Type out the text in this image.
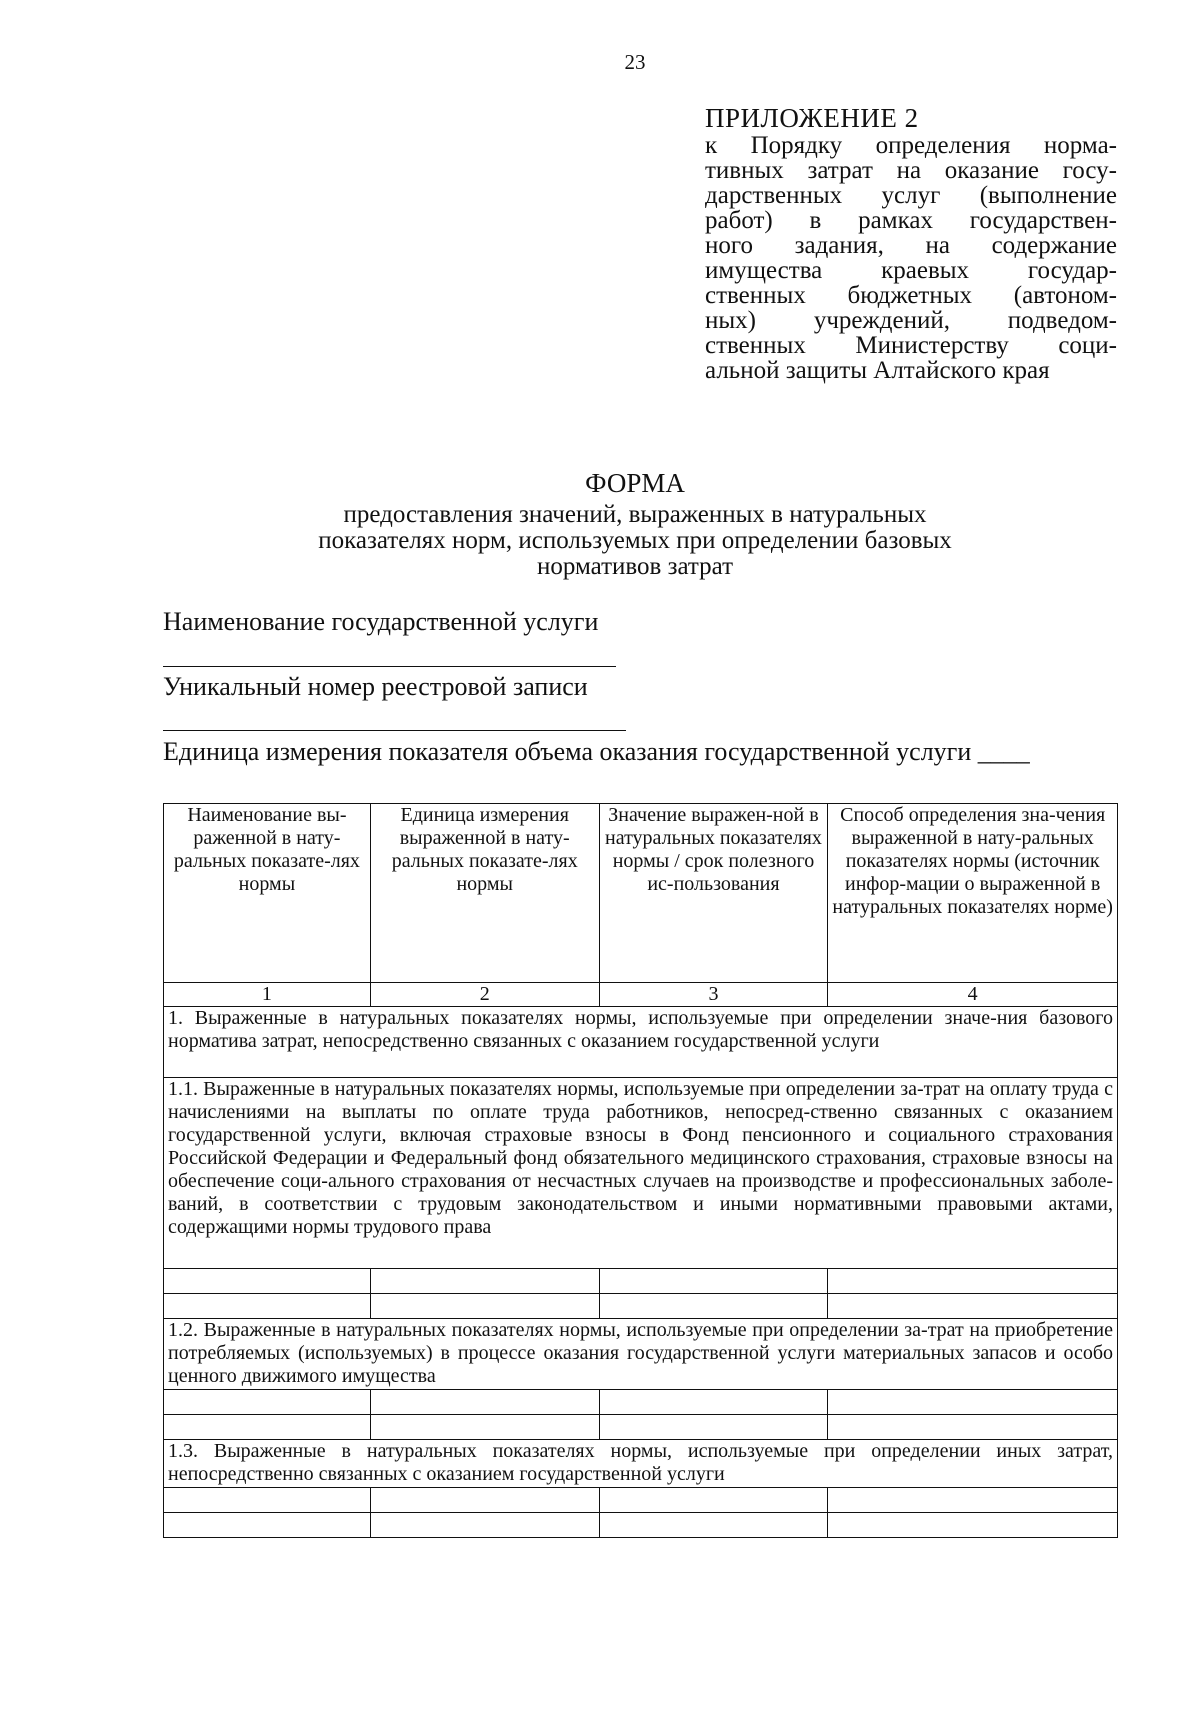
23
ПРИЛОЖЕНИЕ 2
к Порядку определения норма-
тивных затрат на оказание госу-
дарственных услуг (выполнение
работ) в рамках государствен-
ного задания, на содержание
имущества краевых государ-
ственных бюджетных (автоном-
ных) учреждений, подведом-
ственных Министерству соци-
альной защиты Алтайского края
ФОРМА
предоставления значений, выраженных в натуральных
показателях норм, используемых при определении базовых
нормативов затрат
Наименование государственной услуги
Уникальный номер реестровой записи
Единица измерения показателя объема оказания государственной услуги ____
Наименование вы-раженной в нату-ральных показате-лях нормы	Единица измерения выраженной в нату-ральных показате-лях нормы	Значение выражен-ной в натуральных показателях нормы / срок полезного ис-пользования	Способ определения зна-чения выраженной в нату-ральных показателях нормы (источник инфор-мации о выраженной в натуральных показателях норме)
1	2	3	4
1. Выраженные в натуральных показателях нормы, используемые при определении значе-ния базового норматива затрат, непосредственно связанных с оказанием государственной услуги			
1.1. Выраженные в натуральных показателях нормы, используемые при определении за-трат на оплату труда с начислениями на выплаты по оплате труда работников, непосред-ственно связанных с оказанием государственной услуги, включая страховые взносы в Фонд пенсионного и социального страхования Российской Федерации и Федеральный фонд обязательного медицинского страхования, страховые взносы на обеспечение соци-ального страхования от несчастных случаев на производстве и профессиональных заболе-ваний, в соответствии с трудовым законодательством и иными нормативными правовыми актами, содержащими нормы трудового права			

1.2. Выраженные в натуральных показателях нормы, используемые при определении за-трат на приобретение потребляемых (используемых) в процессе оказания государственной услуги материальных запасов и особо ценного движимого имущества			

1.3. Выраженные в натуральных показателях нормы, используемые при определении иных затрат, непосредственно связанных с оказанием государственной услуги			
